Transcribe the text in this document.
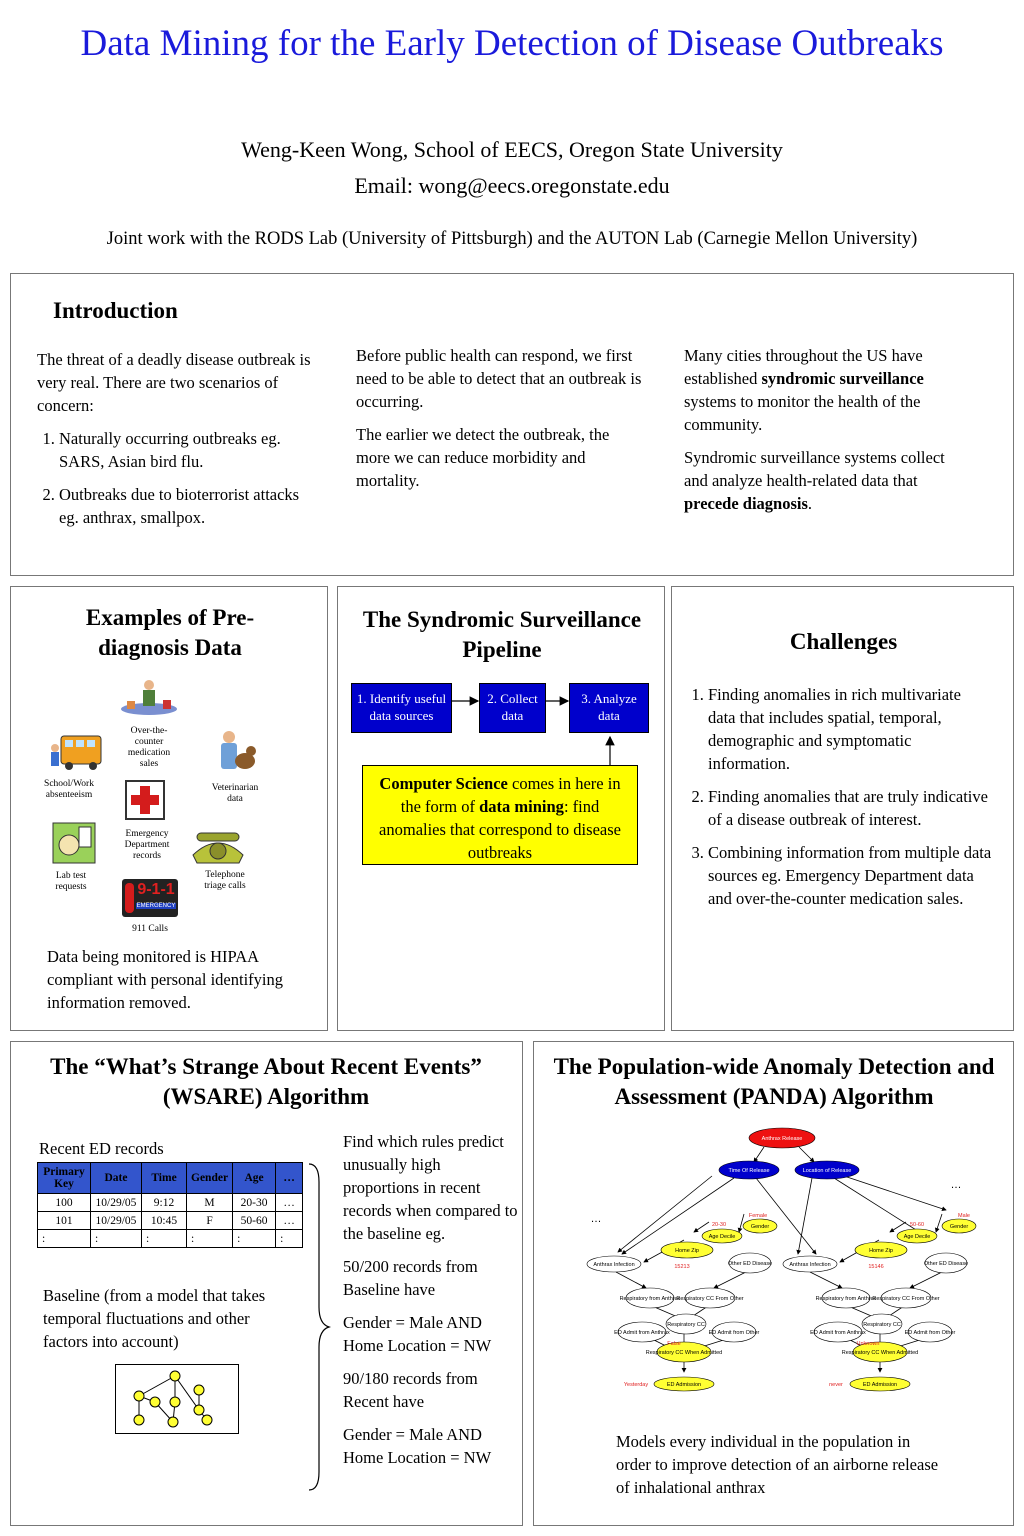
Data Mining for the Early Detection of Disease Outbreaks
Weng-Keen Wong, School of EECS, Oregon State University
Email: wong@eecs.oregonstate.edu
Joint work with the RODS Lab (University of Pittsburgh) and the AUTON Lab (Carnegie Mellon University)
Introduction

The threat of a deadly disease outbreak is very real. There are two scenarios of concern:

1. Naturally occurring outbreaks eg. SARS, Asian bird flu.
2. Outbreaks due to bioterrorist attacks eg. anthrax, smallpox.

Before public health can respond, we first need to be able to detect that an outbreak is occurring.

The earlier we detect the outbreak, the more we can reduce morbidity and mortality.

Many cities throughout the US have established syndromic surveillance systems to monitor the health of the community.

Syndromic surveillance systems collect and analyze health-related data that precede diagnosis.

Examples of Pre-diagnosis Data
Over-the-counter medication sales
School/Work absenteeism
Veterinarian data
Emergency Department records
Lab test requests
Telephone triage calls
9-1-1
EMERGENCY
911 Calls
Data being monitored is HIPAA compliant with personal identifying information removed.
The Syndromic Surveillance Pipeline
1. Identify useful data sources
2. Collect data
3. Analyze data
Computer Science comes in here in the form of data mining: find anomalies that correspond to disease outbreaks
Challenges
1. Finding anomalies in rich multivariate data that includes spatial, temporal, demographic and symptomatic information.
2. Finding anomalies that are truly indicative of a disease outbreak of interest.
3. Combining information from multiple data sources eg. Emergency Department data and over-the-counter medication sales.
The “What’s Strange About Recent Events” (WSARE) Algorithm
Recent ED records
Primary Key	Date	Time	Gender	Age	…
100	10/29/05	9:12	M	20-30	…
101	10/29/05	10:45	F	50-60	…
:	:	:	:	:	:
Baseline (from a model that takes temporal fluctuations and other factors into account)

Find which rules predict unusually high proportions in recent records when compared to the baseline eg.

50/200 records from Baseline have

Gender = Male AND Home Location = NW

90/180 records from Recent have

Gender = Male AND Home Location = NW

The Population-wide Anomaly Detection and Assessment (PANDA) Algorithm
Anthrax Release
Time Of Release	Location of Release
…
…
Female
Gender
20-30
Age Decile
Home Zip
15213
Anthrax Infection	Other ED Disease
Respiratory from Anthrax
Respiratory CC From Other
Respiratory CC
ED Admit from Anthrax	ED Admit from Other
False
Respiratory CC When Admitted
Yesterday	ED Admission
Male
Gender
50-60
Age Decile
Home Zip
15146
Anthrax Infection	Other ED Disease
Respiratory from Anthrax
Respiratory CC From Other
Respiratory CC
ED Admit from Anthrax	ED Admit from Other
Unknown
Respiratory CC When Admitted
never	ED Admission
Models every individual in the population in order to improve detection of an airborne release of inhalational anthrax
